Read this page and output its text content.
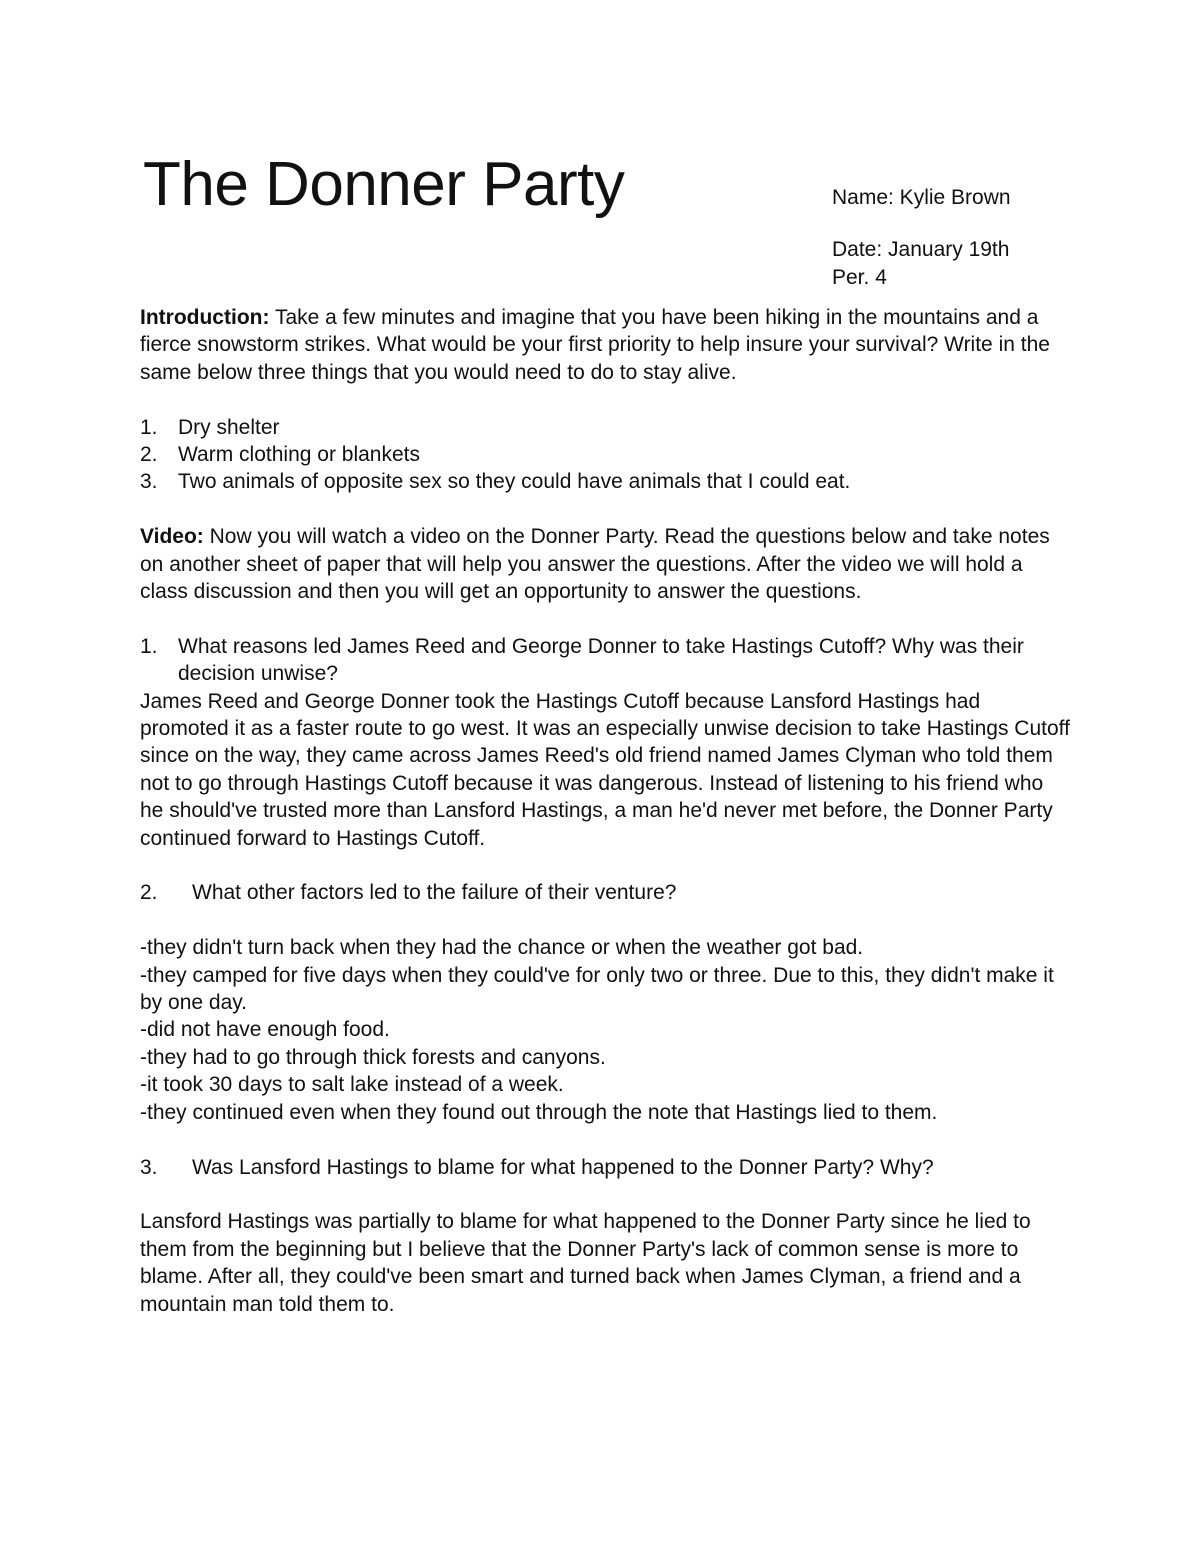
The Donner Party	Name: Kylie Brown
Date: January 19th
Per. 4

Introduction: Take a few minutes and imagine that you have been hiking in the mountains and a fierce snowstorm strikes. What would be your first priority to help insure your survival? Write in the same below three things that you would need to do to stay alive.

1. Dry shelter
2. Warm clothing or blankets
3. Two animals of opposite sex so they could have animals that I could eat.

Video: Now you will watch a video on the Donner Party. Read the questions below and take notes on another sheet of paper that will help you answer the questions. After the video we will hold a class discussion and then you will get an opportunity to answer the questions.

1. What reasons led James Reed and George Donner to take Hastings Cutoff? Why was their decision unwise?

James Reed and George Donner took the Hastings Cutoff because Lansford Hastings had promoted it as a faster route to go west. It was an especially unwise decision to take Hastings Cutoff since on the way, they came across James Reed's old friend named James Clyman who told them not to go through Hastings Cutoff because it was dangerous. Instead of listening to his friend who he should've trusted more than Lansford Hastings, a man he'd never met before, the Donner Party continued forward to Hastings Cutoff.

2. What other factors led to the failure of their venture?

-they didn't turn back when they had the chance or when the weather got bad.

-they camped for five days when they could've for only two or three. Due to this, they didn't make it by one day.

-did not have enough food.

-they had to go through thick forests and canyons.

-it took 30 days to salt lake instead of a week.

-they continued even when they found out through the note that Hastings lied to them.

3. Was Lansford Hastings to blame for what happened to the Donner Party? Why?

Lansford Hastings was partially to blame for what happened to the Donner Party since he lied to them from the beginning but I believe that the Donner Party's lack of common sense is more to blame. After all, they could've been smart and turned back when James Clyman, a friend and a mountain man told them to.
